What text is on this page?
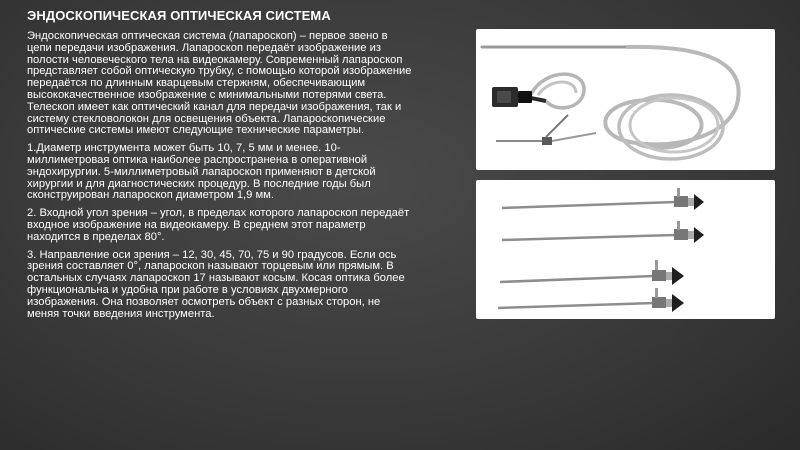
ЭНДОСКОПИЧЕСКАЯ ОПТИЧЕСКАЯ СИСТЕМА

Эндоскопическая оптическая система (лапароскоп) – первое звено в цепи передачи изображения. Лапароскоп передаёт изображение из полости человеческого тела на видеокамеру. Современный лапароскоп представляет собой оптическую трубку, с помощью которой изображение передаётся по длинным кварцевым стержням, обеспечивающим высококачественное изображение с минимальными потерями света. Телескоп имеет как оптический канал для передачи изображения, так и систему стекловолокон для освещения объекта. Лапароскопические оптические системы имеют следующие технические параметры.

1.Диаметр инструмента может быть 10, 7, 5 мм и менее. 10-миллиметровая оптика наиболее распространена в оперативной эндохирургии. 5-миллиметровый лапароскоп применяют в детской хирургии и для диагностических процедур. В последние годы был сконструирован лапароскоп диаметром 1,9 мм.

2. Входной угол зрения – угол, в пределах которого лапароскоп передаёт входное изображение на видеокамеру. В среднем этот параметр находится в пределах 80°.

3. Направление оси зрения – 12, 30, 45, 70, 75 и 90 градусов. Если ось зрения составляет 0°, лапароскоп называют торцевым или прямым. В остальных случаях лапароскоп 17 называют косым. Косая оптика более функциональна и удобна при работе в условиях двухмерного изображения. Она позволяет осмотреть объект с разных сторон, не меняя точки введения инструмента.
